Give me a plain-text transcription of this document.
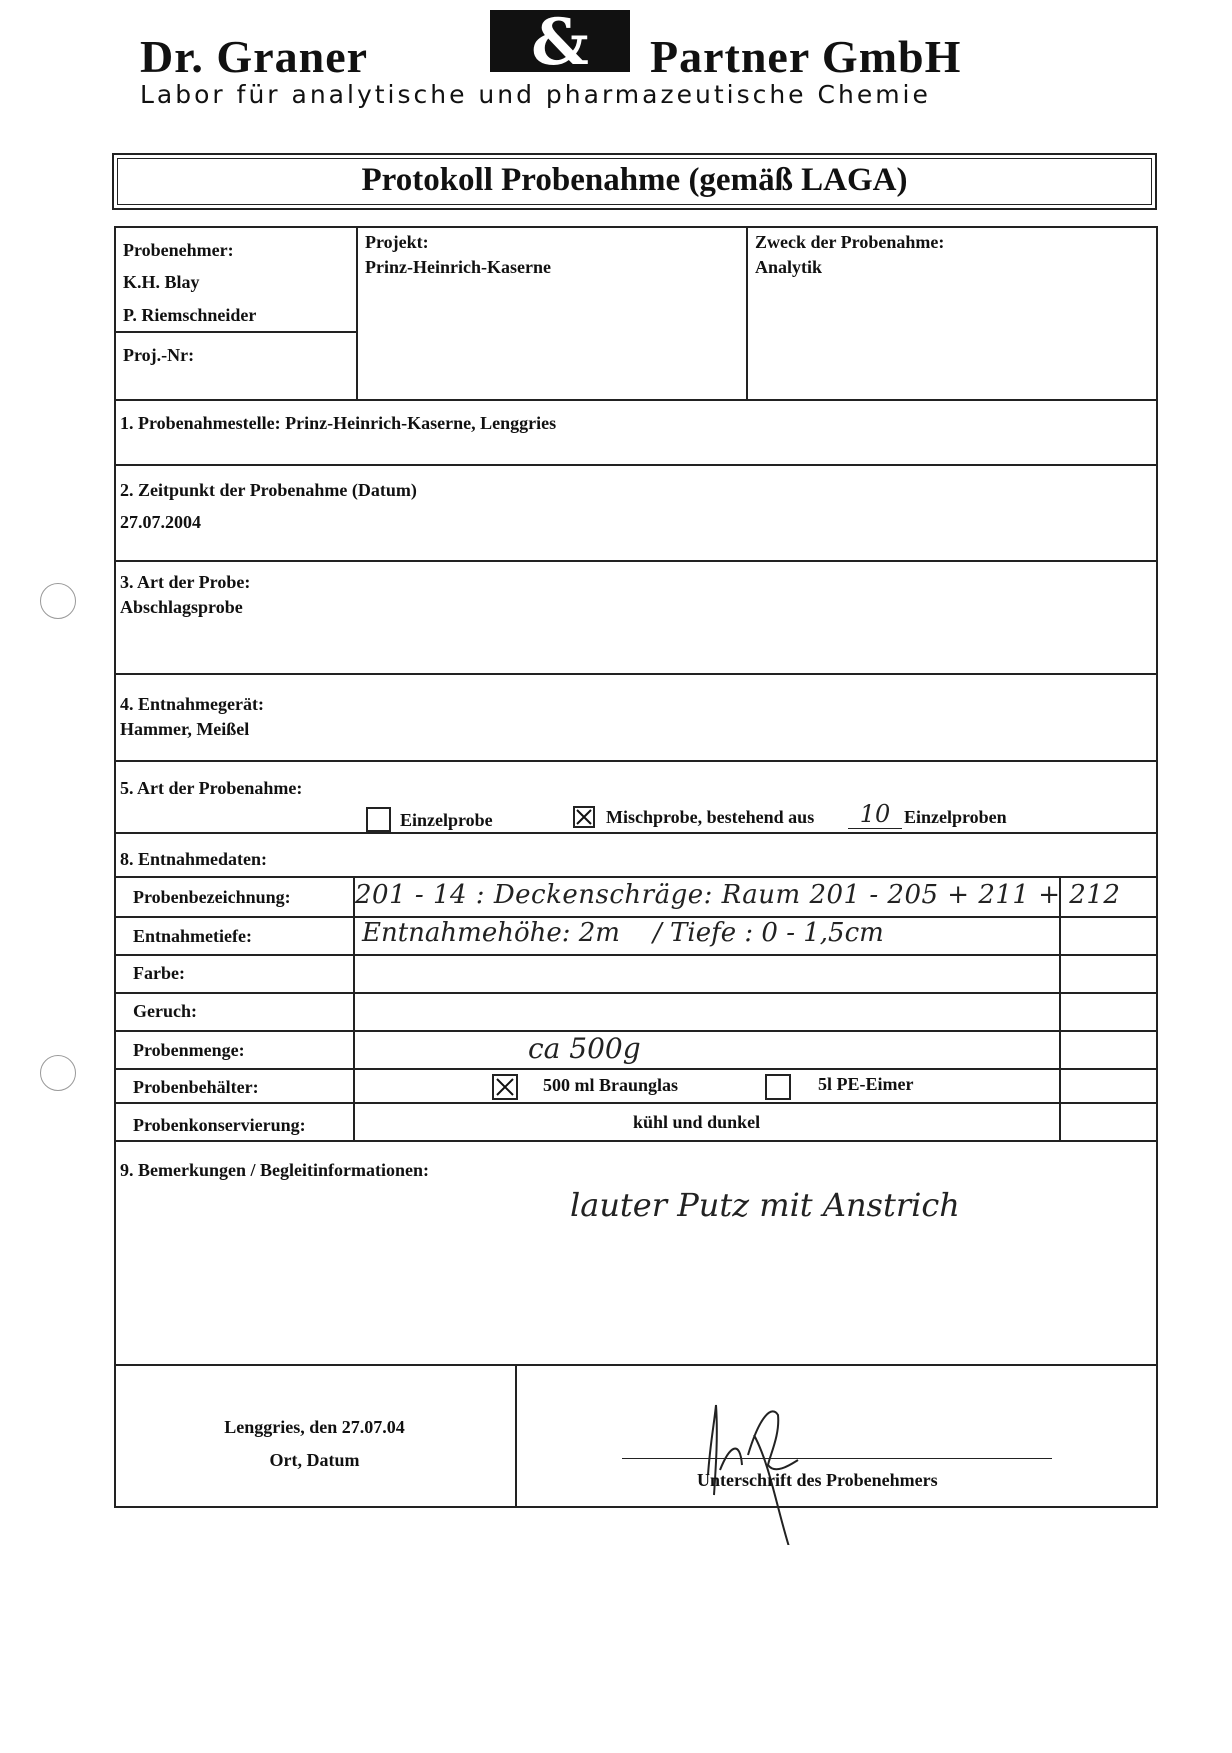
Dr. Graner	& Partner GmbH
Labor für analytische und pharmazeutische Chemie
Protokoll Probenahme (gemäß LAGA)
Probenehmer:
K.H. Blay
P. Riemschneider
Proj.-Nr:
Projekt:
Prinz-Heinrich-Kaserne
Zweck der Probenahme:
Analytik
1. Probenahmestelle: Prinz-Heinrich-Kaserne, Lenggries
2. Zeitpunkt der Probenahme (Datum)
27.07.2004
3. Art der Probe:
Abschlagsprobe
4. Entnahmegerät:
Hammer, Meißel
5. Art der Probenahme:
Einzelprobe	Mischprobe, bestehend aus	10 Einzelproben
8. Entnahmedaten:
Probenbezeichnung: 201 - 14 : Deckenschräge: Raum 201 - 205 + 211 + 212
Entnahmetiefe:	Entnahmehöhe: 2m    / Tiefe : 0 - 1,5cm
Farbe:
Geruch:
Probenmenge:	ca 500g
Probenbehälter:	500 ml Braunglas	5l PE-Eimer
Probenkonservierung:	kühl und dunkel
9. Bemerkungen / Begleitinformationen:
lauter Putz mit Anstrich
Lenggries, den 27.07.04
Ort, Datum
Unterschrift des Probenehmers
